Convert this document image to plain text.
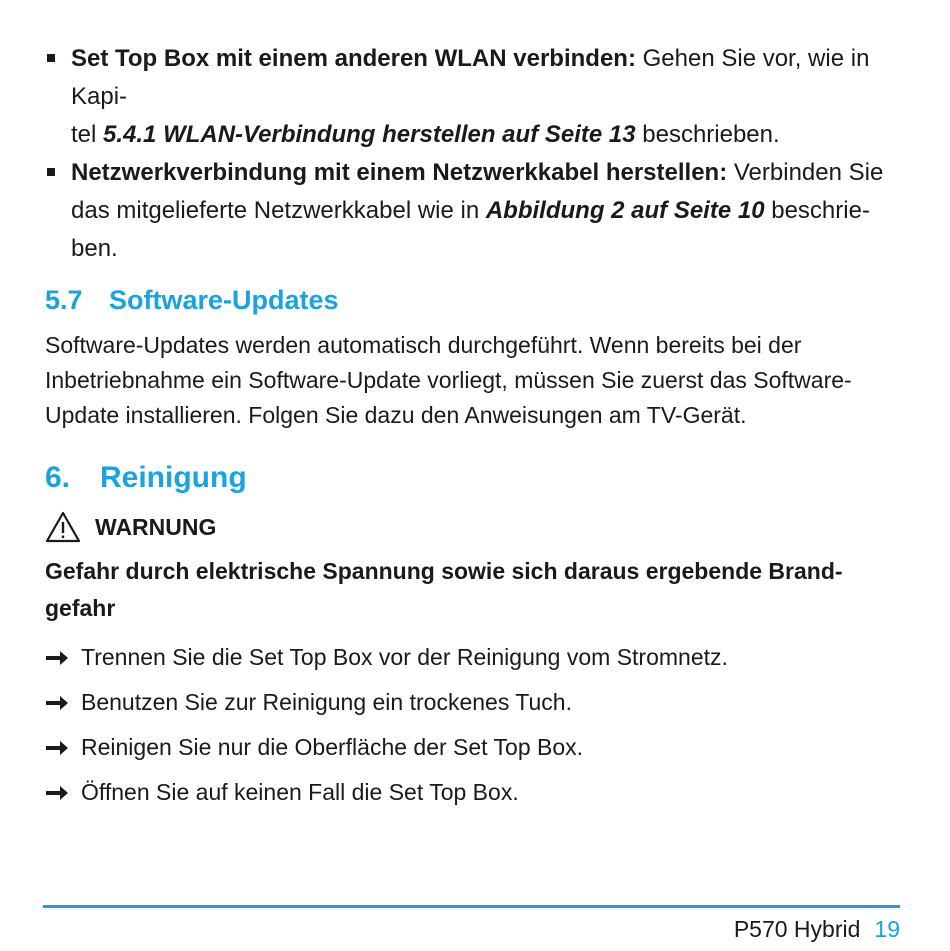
Set Top Box mit einem anderen WLAN verbinden: Gehen Sie vor, wie in Kapi-
tel 5.4.1 WLAN-Verbindung herstellen auf Seite 13 beschrieben.
Netzwerkverbindung mit einem Netzwerkkabel herstellen: Verbinden Sie
das mitgelieferte Netzwerkkabel wie in Abbildung 2 auf Seite 10 beschrie-
ben.
5.7 Software-Updates
Software-Updates werden automatisch durchgeführt. Wenn bereits bei der
Inbetriebnahme ein Software-Update vorliegt, müssen Sie zuerst das Software-
Update installieren. Folgen Sie dazu den Anweisungen am TV-Gerät.
6. Reinigung
WARNUNG
Gefahr durch elektrische Spannung sowie sich daraus ergebende Brand-
gefahr
Trennen Sie die Set Top Box vor der Reinigung vom Stromnetz.
Benutzen Sie zur Reinigung ein trockenes Tuch.
Reinigen Sie nur die Oberfläche der Set Top Box.
Öffnen Sie auf keinen Fall die Set Top Box.
P570 Hybrid 19
